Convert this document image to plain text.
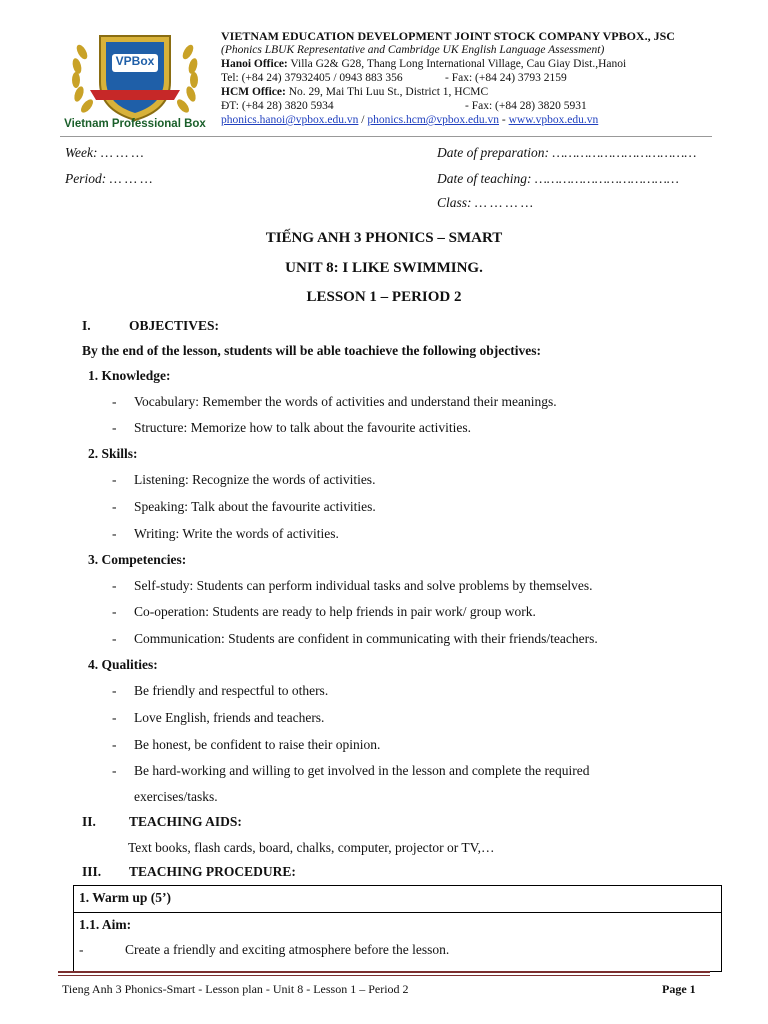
VPBox
Vietnam Professional Box
VIETNAM EDUCATION DEVELOPMENT JOINT STOCK COMPANY VPBOX., JSC
(Phonics LBUK Representative and Cambridge UK English Language Assessment)
Hanoi Office: Villa G2& G28, Thang Long International Village, Cau Giay Dist.,Hanoi
Tel: (+84 24) 37932405 / 0943 883 356	- Fax: (+84 24) 3793 2159
HCM Office: No. 29, Mai Thi Luu St., District 1, HCMC
ĐT: (+84 28) 3820 5934	- Fax: (+84 28) 3820 5931
phonics.hanoi@vpbox.edu.vn / phonics.hcm@vpbox.edu.vn - www.vpbox.edu.vn
Week: … … …
Period: … … …
Date of preparation: ………………………………
Date of teaching: ………………………………
Class: … … … …
TIẾNG ANH 3 PHONICS – SMART
UNIT 8: I LIKE SWIMMING.
LESSON 1 – PERIOD 2
I.	OBJECTIVES:
By the end of the lesson, students will be able toachieve the following objectives:
1. Knowledge:
- Vocabulary: Remember the words of activities and understand their meanings.
- Structure: Memorize how to talk about the favourite activities.
2. Skills:
- Listening: Recognize the words of activities.
- Speaking: Talk about the favourite activities.
- Writing: Write the words of activities.
3. Competencies:
- Self-study: Students can perform individual tasks and solve problems by themselves.
- Co-operation: Students are ready to help friends in pair work/ group work.
- Communication: Students are confident in communicating with their friends/teachers.
4. Qualities:
- Be friendly and respectful to others.
- Love English, friends and teachers.
- Be honest, be confident to raise their opinion.
- Be hard-working and willing to get involved in the lesson and complete the required
exercises/tasks.
II. TEACHING AIDS:
Text books, flash cards, board, chalks, computer, projector or TV,…
III. TEACHING PROCEDURE:
1. Warm up (5’)

1.1. Aim:
-	Create a friendly and exciting atmosphere before the lesson.
Tieng Anh 3 Phonics-Smart - Lesson plan - Unit 8 - Lesson 1 – Period 2	Page 1
